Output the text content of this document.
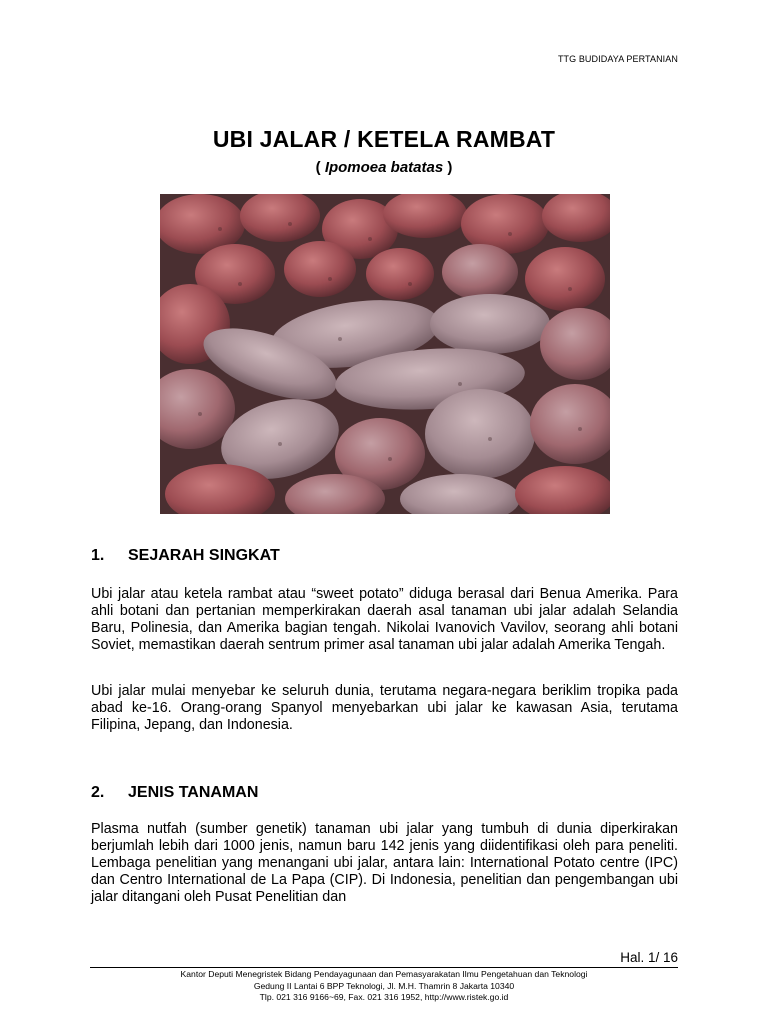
TTG BUDIDAYA PERTANIAN
UBI JALAR / KETELA RAMBAT
( Ipomoea batatas )
1. SEJARAH SINGKAT

Ubi jalar atau ketela rambat atau “sweet potato” diduga berasal dari Benua Amerika. Para ahli botani dan pertanian memperkirakan daerah asal tanaman ubi jalar adalah Selandia Baru, Polinesia, dan Amerika bagian tengah. Nikolai Ivanovich Vavilov, seorang ahli botani Soviet, memastikan daerah sentrum primer asal tanaman ubi jalar adalah Amerika Tengah.

Ubi jalar mulai menyebar ke seluruh dunia, terutama negara-negara beriklim tropika pada abad ke-16. Orang-orang Spanyol menyebarkan ubi jalar ke kawasan Asia, terutama Filipina, Jepang, dan Indonesia.

2. JENIS TANAMAN

Plasma nutfah (sumber genetik) tanaman ubi jalar yang tumbuh di dunia diperkirakan berjumlah lebih dari 1000 jenis, namun baru 142 jenis yang diidentifikasi oleh para peneliti. Lembaga penelitian yang menangani ubi jalar, antara lain: International Potato centre (IPC) dan Centro International de La Papa (CIP). Di Indonesia, penelitian dan pengembangan ubi jalar ditangani oleh Pusat Penelitian dan

Hal. 1/ 16
Kantor Deputi Menegristek Bidang Pendayagunaan dan Pemasyarakatan Ilmu Pengetahuan dan Teknologi
Gedung II Lantai 6 BPP Teknologi, Jl. M.H. Thamrin 8 Jakarta 10340
Tlp. 021 316 9166~69, Fax. 021 316 1952, http://www.ristek.go.id
